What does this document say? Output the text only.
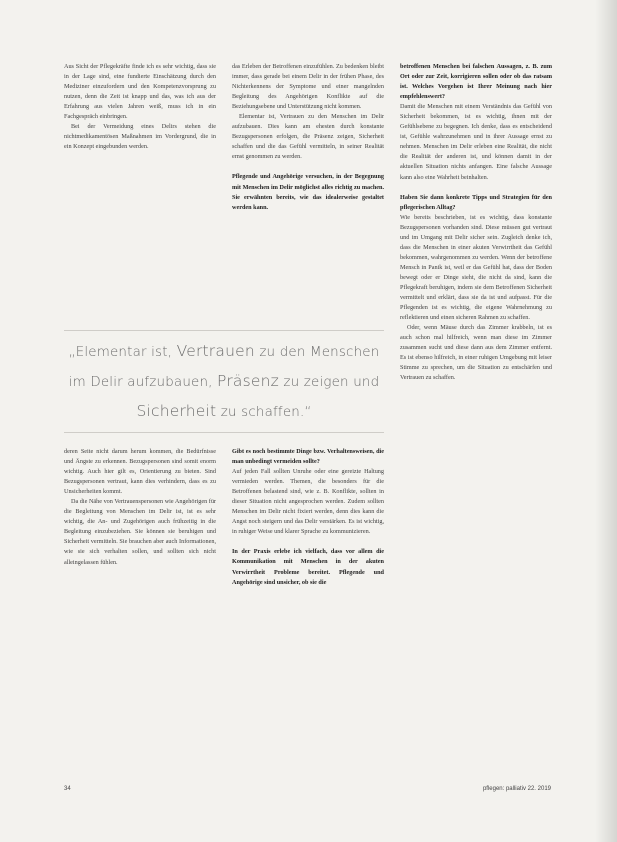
Aus Sicht der Pflegekräfte finde ich es sehr wichtig, dass sie in der Lage sind, eine fundierte Einschätzung durch den Mediziner einzufordern und den Kompetenzvorsprung zu nutzen, denn die Zeit ist knapp und das, was ich aus der Erfahrung aus vielen Jahren weiß, muss ich in ein Fachgespräch einbringen.

Bei der Vermeidung eines Delirs stehen die nichtmedikamentösen Maßnahmen im Vordergrund, die in ein Konzept eingebunden werden.

das Erleben der Betroffenen einzufühlen. Zu bedenken bleibt immer, dass gerade bei einem Delir in der frühen Phase, des Nichterkennens der Symptome und einer mangelnden Begleitung des Angehörigen Konflikte auf die Beziehungsebene und Unterstützung nicht kommen.

Elementar ist, Vertrauen zu den Menschen im Delir aufzubauen. Dies kann am ehesten durch konstante Bezugspersonen erfolgen, die Präsenz zeigen, Sicherheit schaffen und die das Gefühl vermitteln, in seiner Realität ernst genommen zu werden.

Pflegende und Angehörige versuchen, in der Begegnung mit Menschen im Delir möglichst alles richtig zu machen. Sie erwähnten bereits, wie das idealerweise gestaltet werden kann.

betroffenen Menschen bei falschen Aussagen, z. B. zum Ort oder zur Zeit, korrigieren sollen oder ob das ratsam ist. Welches Vorgehen ist Ihrer Meinung nach hier empfehlenswert?

Damit die Menschen mit einem Verständnis das Gefühl von Sicherheit bekommen, ist es wichtig, ihnen mit der Gefühlsebene zu begegnen. Ich denke, dass es entscheidend ist, Gefühle wahrzunehmen und in ihrer Aussage ernst zu nehmen. Menschen im Delir erleben eine Realität, die nicht die Realität der anderen ist, und können damit in der aktuellen Situation nichts anfangen. Eine falsche Aussage kann also eine Wahrheit beinhalten.

Haben Sie dann konkrete Tipps und Strategien für den pflegerischen Alltag?

Wie bereits beschrieben, ist es wichtig, dass konstante Bezugspersonen vorhanden sind. Diese müssen gut vertraut und im Umgang mit Delir sicher sein. Zugleich denke ich, dass die Menschen in einer akuten Verwirrtheit das Gefühl bekommen, wahrgenommen zu werden. Wenn der betroffene Mensch in Panik ist, weil er das Gefühl hat, dass der Boden bewegt oder er Dinge sieht, die nicht da sind, kann die Pflegekraft beruhigen, indem sie dem Betroffenen Sicherheit vermittelt und erklärt, dass sie da ist und aufpasst. Für die Pflegenden ist es wichtig, die eigene Wahrnehmung zu reflektieren und einen sicheren Rahmen zu schaffen.

Oder, wenn Mäuse durch das Zimmer krabbeln, ist es auch schon mal hilfreich, wenn man diese im Zimmer zusammen sucht und diese dann aus dem Zimmer entfernt. Es ist ebenso hilfreich, in einer ruhigen Umgebung mit leiser Stimme zu sprechen, um die Situation zu entschärfen und Vertrauen zu schaffen.

„Elementar ist, Vertrauen zu den Menschen
im Delir aufzubauen, Präsenz zu zeigen und
Sicherheit zu schaffen.“

deren Seite nicht darum herum kommen, die Bedürfnisse und Ängste zu erkennen. Bezugspersonen sind somit enorm wichtig. Auch hier gilt es, Orientierung zu bieten. Sind Bezugspersonen vertraut, kann dies verhindern, dass es zu Unsicherheiten kommt.

Da die Nähe von Vertrauenspersonen wie Angehörigen für die Begleitung von Menschen im Delir ist, ist es sehr wichtig, die An- und Zugehörigen auch frühzeitig in die Begleitung einzubeziehen. Sie können sie beruhigen und Sicherheit vermitteln. Sie brauchen aber auch Informationen, wie sie sich verhalten sollen, und sollten sich nicht alleingelassen fühlen.

Gibt es noch bestimmte Dinge bzw. Verhaltensweisen, die man unbedingt vermeiden sollte?

Auf jeden Fall sollten Unruhe oder eine gereizte Haltung vermieden werden. Themen, die besonders für die Betroffenen belastend sind, wie z. B. Konflikte, sollten in dieser Situation nicht angesprochen werden. Zudem sollten Menschen im Delir nicht fixiert werden, denn dies kann die Angst noch steigern und das Delir verstärken. Es ist wichtig, in ruhiger Weise und klarer Sprache zu kommunizieren.

In der Praxis erlebe ich vielfach, dass vor allem die Kommunikation mit Menschen in der akuten Verwirrtheit Probleme bereitet. Pflegende und Angehörige sind unsicher, ob sie die

34	pflegen: palliativ 22. 2019
